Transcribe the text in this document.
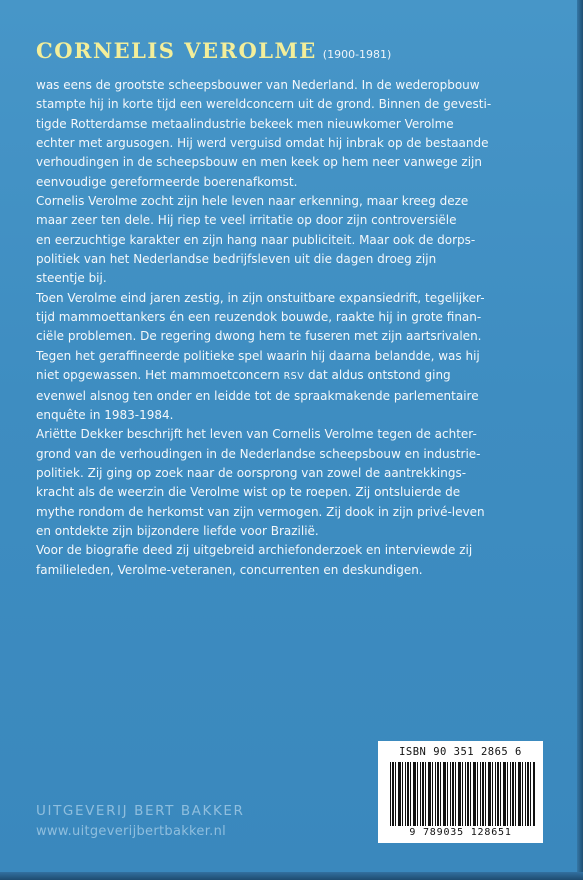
CORNELIS VEROLME (1900-1981)
was eens de grootste scheepsbouwer van Nederland. In de wederopbouw
stampte hij in korte tijd een wereldconcern uit de grond. Binnen de gevesti-
tigde Rotterdamse metaalindustrie bekeek men nieuwkomer Verolme
echter met argusogen. Hij werd verguisd omdat hij inbrak op de bestaande
verhoudingen in de scheepsbouw en men keek op hem neer vanwege zijn
eenvoudige gereformeerde boerenafkomst.
Cornelis Verolme zocht zijn hele leven naar erkenning, maar kreeg deze
maar zeer ten dele. Hij riep te veel irritatie op door zijn controversiële
en eerzuchtige karakter en zijn hang naar publiciteit. Maar ook de dorps-
politiek van het Nederlandse bedrijfsleven uit die dagen droeg zijn
steentje bij.
Toen Verolme eind jaren zestig, in zijn onstuitbare expansiedrift, tegelijker-
tijd mammoettankers én een reuzendok bouwde, raakte hij in grote finan-
ciële problemen. De regering dwong hem te fuseren met zijn aartsrivalen.
Tegen het geraffineerde politieke spel waarin hij daarna belandde, was hij
niet opgewassen. Het mammoetconcern RSV dat aldus ontstond ging
evenwel alsnog ten onder en leidde tot de spraakmakende parlementaire
enquête in 1983-1984.
Ariëtte Dekker beschrijft het leven van Cornelis Verolme tegen de achter-
grond van de verhoudingen in de Nederlandse scheepsbouw en industrie-
politiek. Zij ging op zoek naar de oorsprong van zowel de aantrekkings-
kracht als de weerzin die Verolme wist op te roepen. Zij ontsluierde de
mythe rondom de herkomst van zijn vermogen. Zij dook in zijn privé-leven
en ontdekte zijn bijzondere liefde voor Brazilië.
Voor de biografie deed zij uitgebreid archiefonderzoek en interviewde zij
familieleden, Verolme-veteranen, concurrenten en deskundigen.
ISBN 90 351 2865 6
9 789035 128651
UITGEVERIJ BERT BAKKER
www.uitgeverijbertbakker.nl
